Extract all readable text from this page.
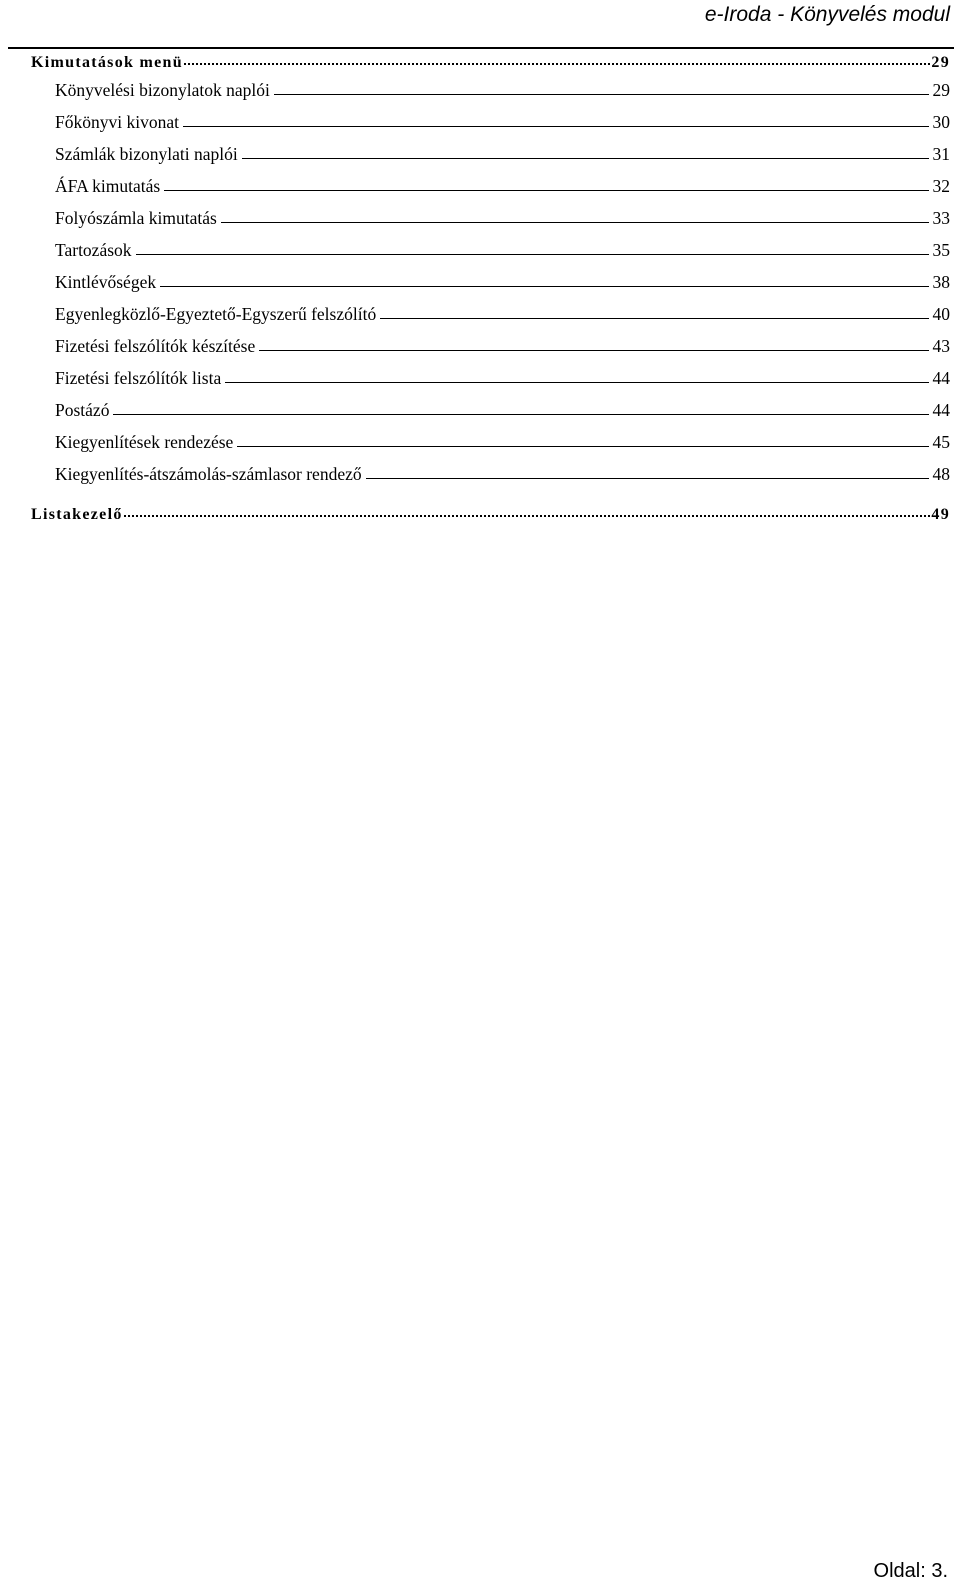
e-Iroda - Könyvelés modul
Kimutatások menü	29
Könyvelési bizonylatok naplói	29
Főkönyvi kivonat	30
Számlák bizonylati naplói	31
ÁFA kimutatás	32
Folyószámla kimutatás	33
Tartozások	35
Kintlévőségek	38
Egyenlegközlő-Egyeztető-Egyszerű felszólító	40
Fizetési felszólítók készítése	43
Fizetési felszólítók lista	44
Postázó	44
Kiegyenlítések rendezése	45
Kiegyenlítés-átszámolás-számlasor rendező	48
Listakezelő	49
Oldal: 3.
